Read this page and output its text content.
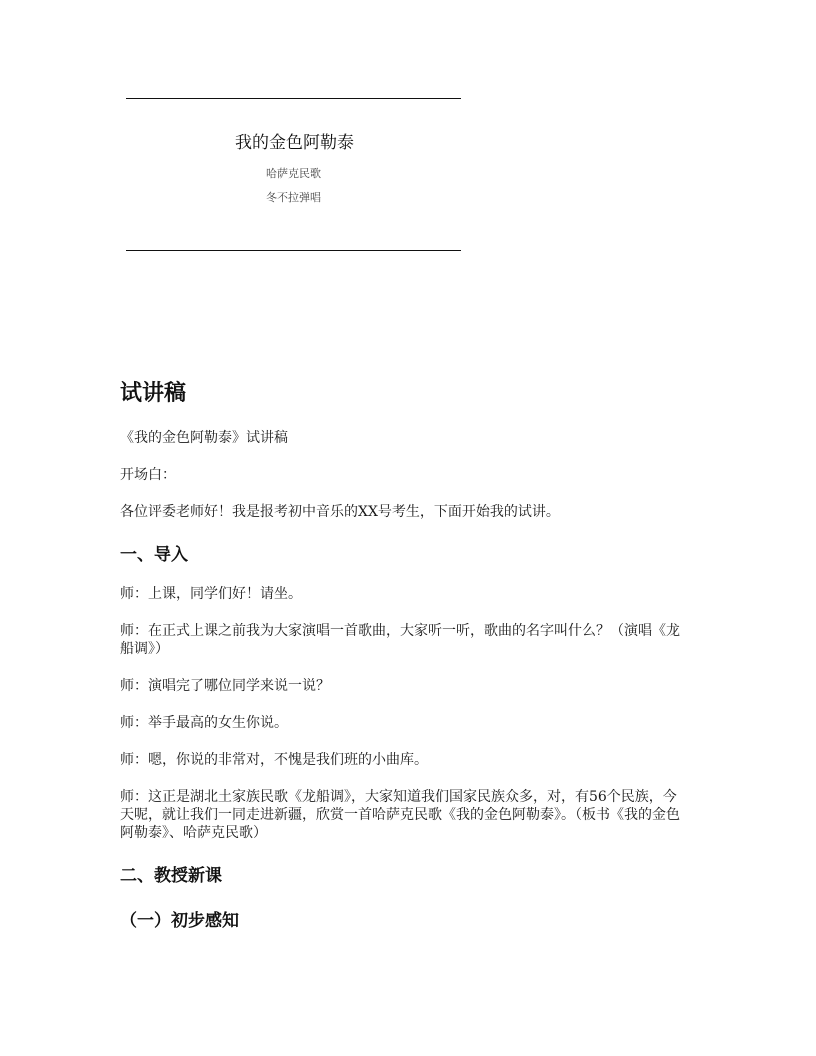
我的金色阿勒泰
哈萨克民歌
冬不拉弹唱
试讲稿

《我的金色阿勒泰》试讲稿

开场白：

各位评委老师好！我是报考初中音乐的XX号考生，下面开始我的试讲。

一、导入

师：上课，同学们好！请坐。

师：在正式上课之前我为大家演唱一首歌曲，大家听一听，歌曲的名字叫什么？（演唱《龙船调》）

师：演唱完了哪位同学来说一说？

师：举手最高的女生你说。

师：嗯，你说的非常对，不愧是我们班的小曲库。

师：这正是湖北土家族民歌《龙船调》，大家知道我们国家民族众多，对，有56个民族，今天呢，就让我们一同走进新疆，欣赏一首哈萨克民歌《我的金色阿勒泰》。（板书《我的金色阿勒泰》、哈萨克民歌）

二、教授新课
（一）初步感知
